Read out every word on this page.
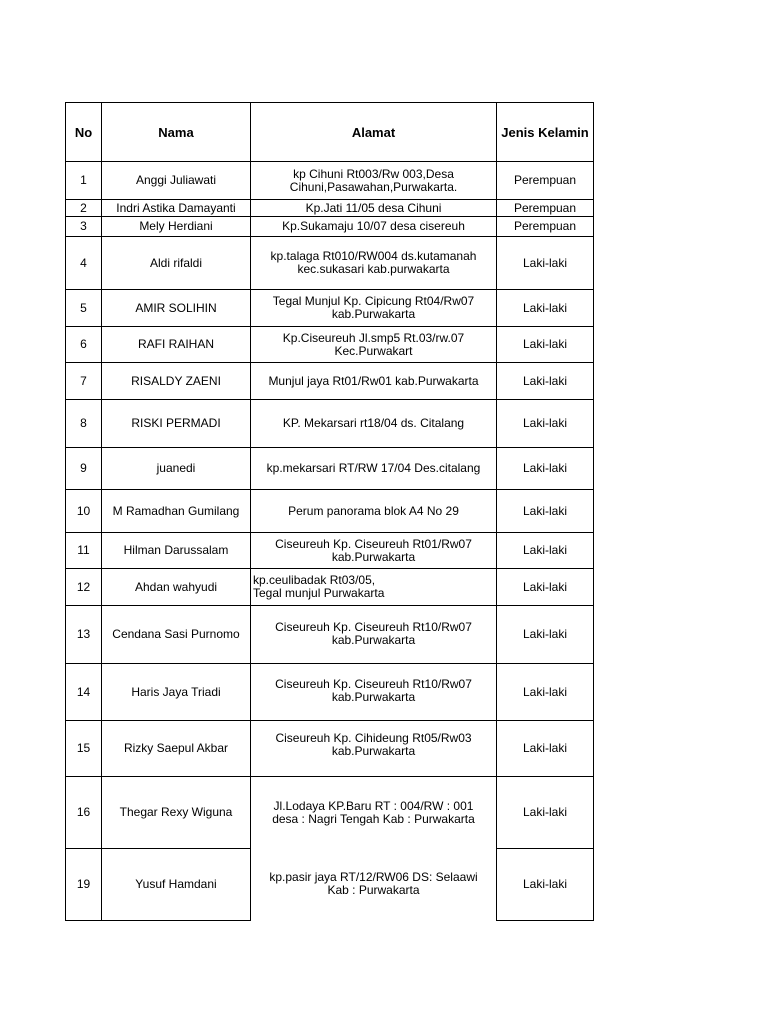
No	Nama	Alamat	Jenis Kelamin
1	Anggi Juliawati	kp Cihuni Rt003/Rw 003,Desa
Cihuni,Pasawahan,Purwakarta.	Perempuan
2	Indri Astika Damayanti	Kp.Jati 11/05 desa Cihuni	Perempuan
3	Mely Herdiani	Kp.Sukamaju 10/07 desa cisereuh	Perempuan
4	Aldi rifaldi	kp.talaga Rt010/RW004 ds.kutamanah
kec.sukasari kab.purwakarta	Laki-laki
5	AMIR SOLIHIN	Tegal Munjul Kp. Cipicung Rt04/Rw07
kab.Purwakarta	Laki-laki
6	RAFI RAIHAN	Kp.Ciseureuh Jl.smp5 Rt.03/rw.07
Kec.Purwakart	Laki-laki
7	RISALDY ZAENI	Munjul jaya Rt01/Rw01 kab.Purwakarta	Laki-laki
8	RISKI PERMADI	KP. Mekarsari rt18/04 ds. Citalang	Laki-laki
9	juanedi	kp.mekarsari RT/RW 17/04 Des.citalang	Laki-laki
10	M Ramadhan Gumilang	Perum panorama blok A4 No 29	Laki-laki
11	Hilman Darussalam	Ciseureuh Kp. Ciseureuh Rt01/Rw07
kab.Purwakarta	Laki-laki
12	Ahdan wahyudi	kp.ceulibadak Rt03/05,
Tegal munjul Purwakarta	Laki-laki
13	Cendana Sasi Purnomo	Ciseureuh Kp. Ciseureuh Rt10/Rw07
kab.Purwakarta	Laki-laki
14	Haris Jaya Triadi	Ciseureuh Kp. Ciseureuh Rt10/Rw07
kab.Purwakarta	Laki-laki
15	Rizky Saepul Akbar	Ciseureuh Kp. Cihideung Rt05/Rw03
kab.Purwakarta	Laki-laki
16	Thegar Rexy Wiguna	Jl.Lodaya KP.Baru RT : 004/RW : 001
desa : Nagri Tengah Kab : Purwakarta	Laki-laki
19	Yusuf Hamdani	kp.pasir jaya RT/12/RW06 DS: Selaawi
Kab : Purwakarta	Laki-laki
